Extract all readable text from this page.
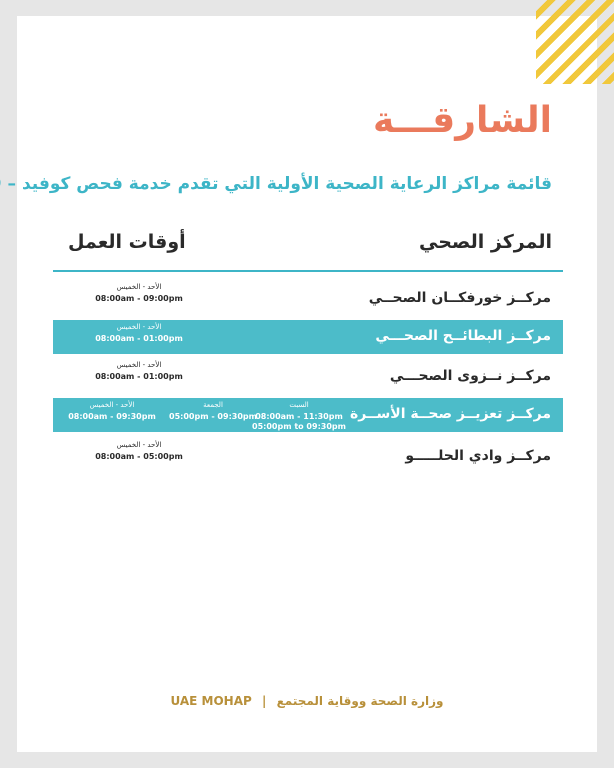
الشارقـــة
قائمة مراكز الرعاية الصحية الأولية التي تقدم خدمة فحص كوفيد –
المركز الصحي
أوقات العمل
مركــز خورفكــان الصحــي
الأحد - الخميس
08:00am - 09:00pm
مركــز البطائــح الصحـــي
الأحد - الخميس
08:00am - 01:00pm
مركــز نــزوى الصحـــي
الأحد - الخميس
08:00am - 01:00pm
مركــز تعزيــز صحــة الأســرة
الأحد - الخميس
08:00am - 09:30pm
الجمعة
05:00pm - 09:30pm
السبت
08:00am - 11:30pm
05:00pm to 09:30pm
مركــز وادي الحلـــــو
الأحد - الخميس
08:00am - 05:00pm
UAE MOHAP | وزارة الصحة ووقاية المجتمع
